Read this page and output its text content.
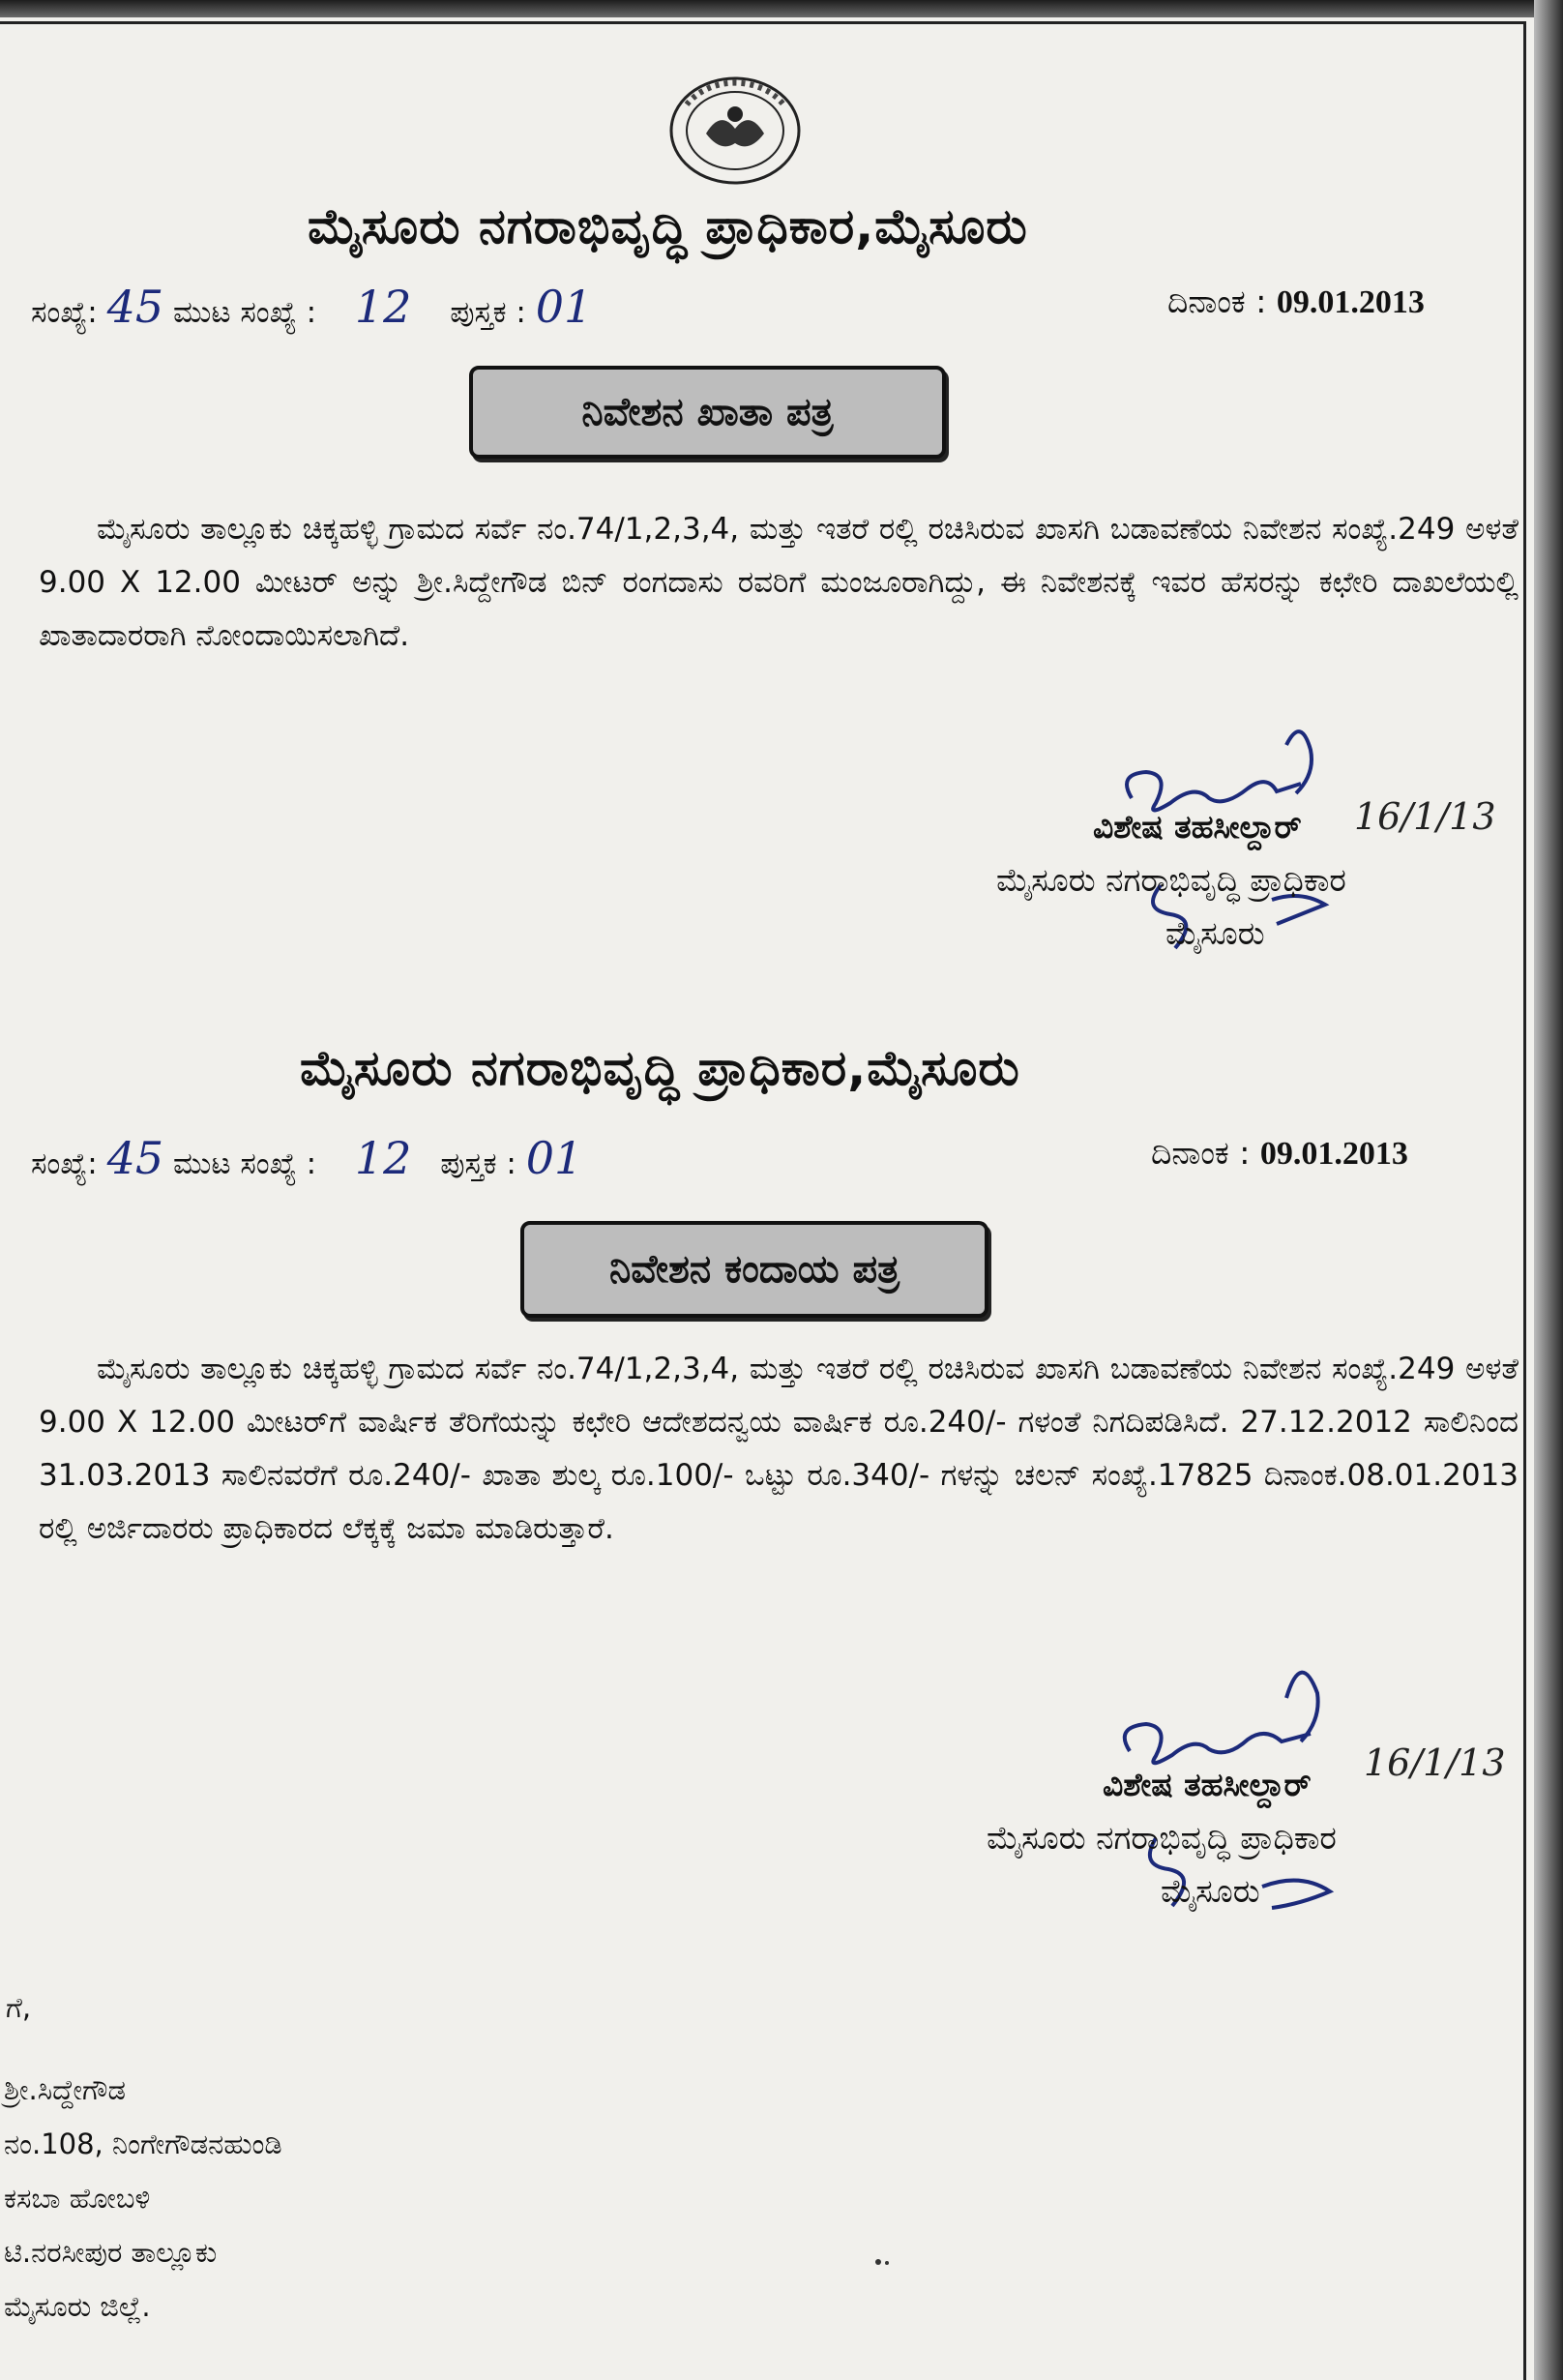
ಮೈಸೂರು ನಗರಾಭಿವೃದ್ಧಿ ಪ್ರಾಧಿಕಾರ,ಮೈಸೂರು
ಸಂಖ್ಯೆ: 45 ಮುಟ ಸಂಖ್ಯೆ : 12 ಪುಸ್ತಕ : 01	ದಿನಾಂಕ : 09.01.2013
ನಿವೇಶನ ಖಾತಾ ಪತ್ರ
ಮೈಸೂರು ತಾಲ್ಲೂಕು ಚಿಕ್ಕಹಳ್ಳಿ ಗ್ರಾಮದ ಸರ್ವೆ ನಂ.74/1,2,3,4, ಮತ್ತು ಇತರೆ ರಲ್ಲಿ ರಚಿಸಿರುವ ಖಾಸಗಿ ಬಡಾವಣೆಯ ನಿವೇಶನ ಸಂಖ್ಯೆ.249 ಅಳತೆ 9.00 X 12.00 ಮೀಟರ್ ಅನ್ನು ಶ್ರೀ.ಸಿದ್ದೇಗೌಡ ಬಿನ್ ರಂಗದಾಸು ರವರಿಗೆ ಮಂಜೂರಾಗಿದ್ದು, ಈ ನಿವೇಶನಕ್ಕೆ ಇವರ ಹೆಸರನ್ನು ಕಛೇರಿ ದಾಖಲೆಯಲ್ಲಿ ಖಾತಾದಾರರಾಗಿ ನೋಂದಾಯಿಸಲಾಗಿದೆ.
16/1/13
ವಿಶೇಷ ತಹಸೀಲ್ದಾರ್
ಮೈಸೂರು ನಗರಾಭಿವೃದ್ಧಿ ಪ್ರಾಧಿಕಾರ
ಮೈಸೂರು
ಮೈಸೂರು ನಗರಾಭಿವೃದ್ಧಿ ಪ್ರಾಧಿಕಾರ,ಮೈಸೂರು
ಸಂಖ್ಯೆ: 45 ಮುಟ ಸಂಖ್ಯೆ : 12 ಪುಸ್ತಕ : 01	ದಿನಾಂಕ : 09.01.2013
ನಿವೇಶನ ಕಂದಾಯ ಪತ್ರ
ಮೈಸೂರು ತಾಲ್ಲೂಕು ಚಿಕ್ಕಹಳ್ಳಿ ಗ್ರಾಮದ ಸರ್ವೆ ನಂ.74/1,2,3,4, ಮತ್ತು ಇತರೆ ರಲ್ಲಿ ರಚಿಸಿರುವ ಖಾಸಗಿ ಬಡಾವಣೆಯ ನಿವೇಶನ ಸಂಖ್ಯೆ.249 ಅಳತೆ 9.00 X 12.00 ಮೀಟರ್‌ಗೆ ವಾರ್ಷಿಕ ತೆರಿಗೆಯನ್ನು ಕಛೇರಿ ಆದೇಶದನ್ವಯ ವಾರ್ಷಿಕ ರೂ.240/- ಗಳಂತೆ ನಿಗದಿಪಡಿಸಿದೆ. 27.12.2012 ಸಾಲಿನಿಂದ 31.03.2013 ಸಾಲಿನವರೆಗೆ ರೂ.240/- ಖಾತಾ ಶುಲ್ಕ ರೂ.100/- ಒಟ್ಟು ರೂ.340/- ಗಳನ್ನು ಚಲನ್ ಸಂಖ್ಯೆ.17825 ದಿನಾಂಕ.08.01.2013 ರಲ್ಲಿ ಅರ್ಜಿದಾರರು ಪ್ರಾಧಿಕಾರದ ಲೆಕ್ಕಕ್ಕೆ ಜಮಾ ಮಾಡಿರುತ್ತಾರೆ.
16/1/13
ವಿಶೇಷ ತಹಸೀಲ್ದಾರ್
ಮೈಸೂರು ನಗರಾಭಿವೃದ್ಧಿ ಪ್ರಾಧಿಕಾರ
ಮೈಸೂರು
ಗೆ,
ಶ್ರೀ.ಸಿದ್ದೇಗೌಡ
ನಂ.108, ನಿಂಗೇಗೌಡನಹುಂಡಿ
ಕಸಬಾ ಹೋಬಳಿ
ಟಿ.ನರಸೀಪುರ ತಾಲ್ಲೂಕು
ಮೈಸೂರು ಜಿಲ್ಲೆ.
